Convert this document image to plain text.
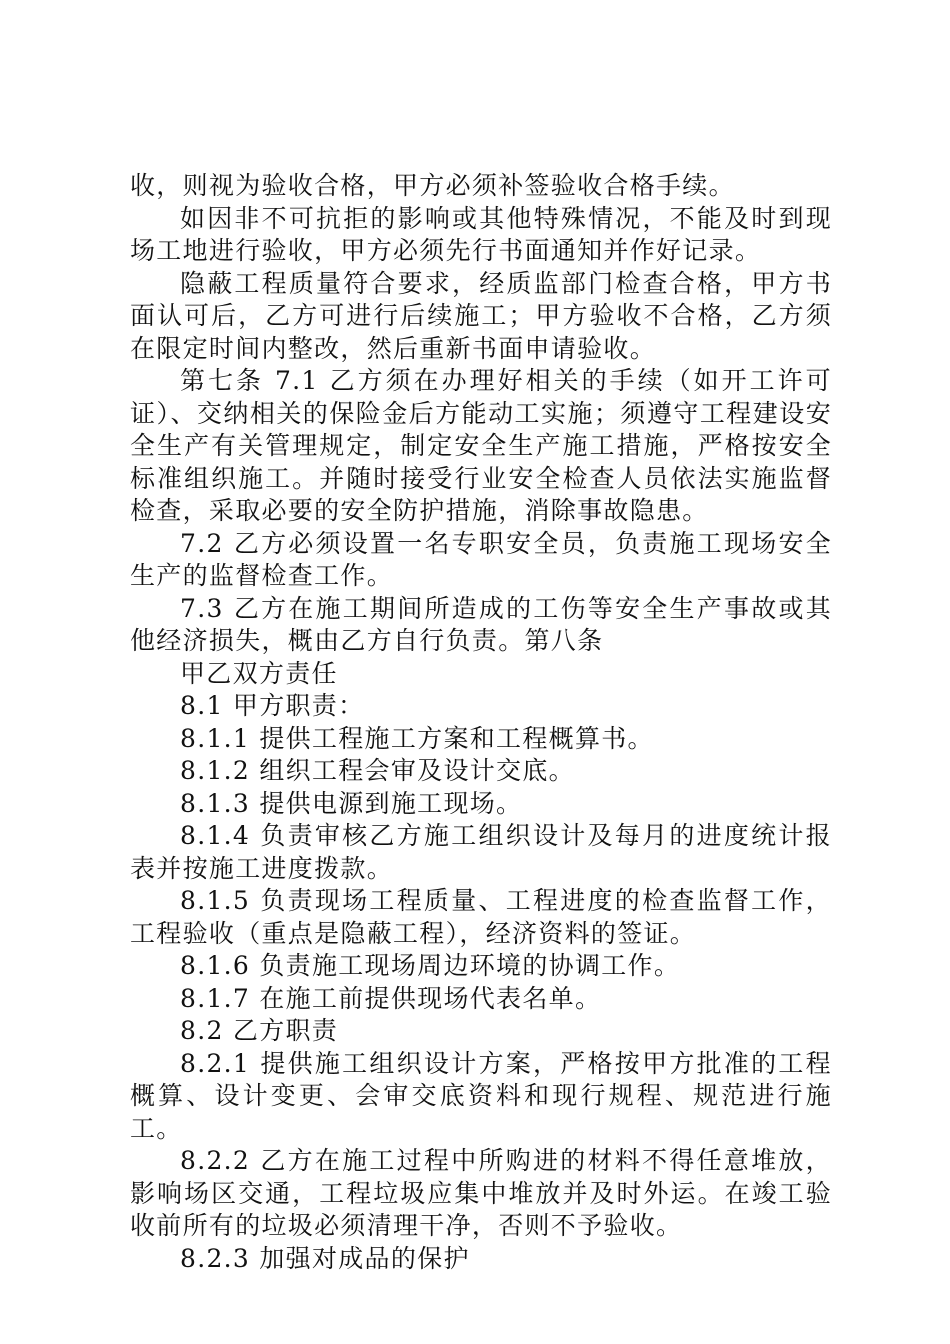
收，则视为验收合格，甲方必须补签验收合格手续。

如因非不可抗拒的影响或其他特殊情况，不能及时到现场工地进行验收，甲方必须先行书面通知并作好记录。

隐蔽工程质量符合要求，经质监部门检查合格，甲方书面认可后，乙方可进行后续施工；甲方验收不合格，乙方须在限定时间内整改，然后重新书面申请验收。

第七条 7.1 乙方须在办理好相关的手续（如开工许可证）、交纳相关的保险金后方能动工实施；须遵守工程建设安全生产有关管理规定，制定安全生产施工措施，严格按安全标准组织施工。并随时接受行业安全检查人员依法实施监督检查，采取必要的安全防护措施，消除事故隐患。

7.2 乙方必须设置一名专职安全员，负责施工现场安全生产的监督检查工作。

7.3 乙方在施工期间所造成的工伤等安全生产事故或其他经济损失，概由乙方自行负责。第八条

甲乙双方责任

8.1 甲方职责：

8.1.1 提供工程施工方案和工程概算书。

8.1.2 组织工程会审及设计交底。

8.1.3 提供电源到施工现场。

8.1.4 负责审核乙方施工组织设计及每月的进度统计报表并按施工进度拨款。

8.1.5 负责现场工程质量、工程进度的检查监督工作，工程验收（重点是隐蔽工程），经济资料的签证。

8.1.6 负责施工现场周边环境的协调工作。

8.1.7 在施工前提供现场代表名单。

8.2 乙方职责

8.2.1 提供施工组织设计方案，严格按甲方批准的工程概算、设计变更、会审交底资料和现行规程、规范进行施工。

8.2.2 乙方在施工过程中所购进的材料不得任意堆放，影响场区交通，工程垃圾应集中堆放并及时外运。在竣工验收前所有的垃圾必须清理干净，否则不予验收。

8.2.3 加强对成品的保护
